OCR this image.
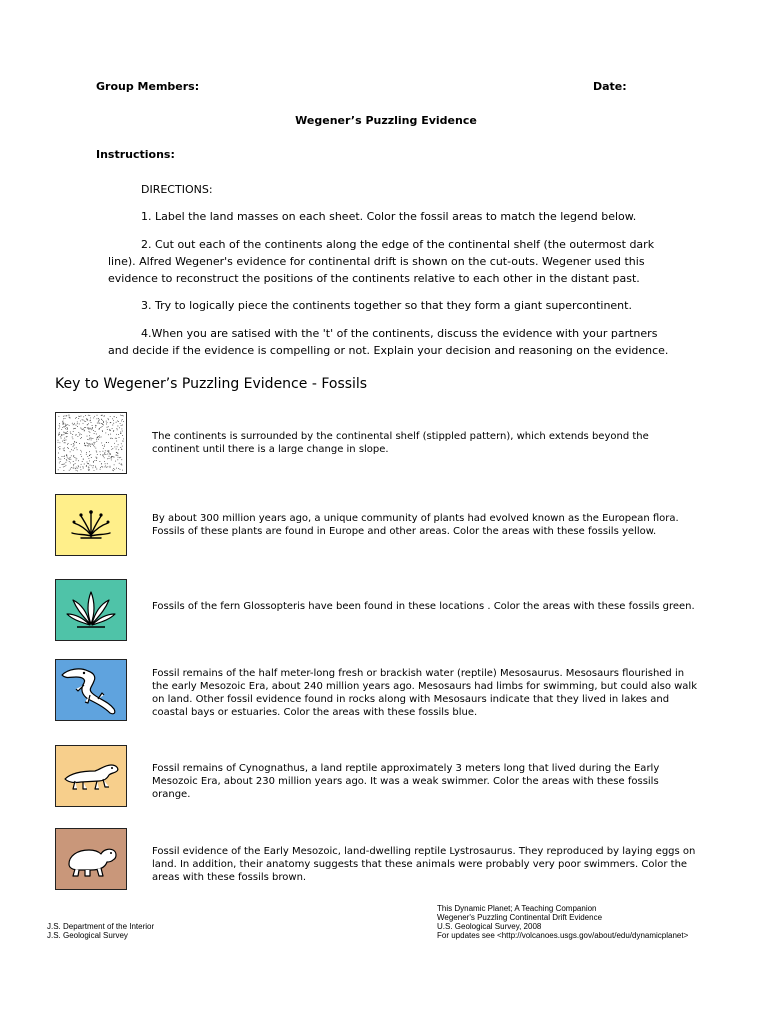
Group Members:	Date:
Wegener’s Puzzling Evidence
Instructions:
DIRECTIONS:
1. Label the land masses on each sheet. Color the fossil areas to match the legend below.
2. Cut out each of the continents along the edge of the continental shelf (the outermost dark
line). Alfred Wegener's evidence for continental drift is shown on the cut-outs. Wegener used this
evidence to reconstruct the positions of the continents relative to each other in the distant past.
3. Try to logically piece the continents together so that they form a giant supercontinent.
4.When you are satised with the 't' of the continents, discuss the evidence with your partners
and decide if the evidence is compelling or not. Explain your decision and reasoning on the evidence.
Key to Wegener’s Puzzling Evidence - Fossils
The continents is surrounded by the continental shelf (stippled pattern), which extends beyond the continent until there is a large change in slope.
By about 300 million years ago, a unique community of plants had evolved known as the European flora. Fossils of these plants are found in Europe and other areas. Color the areas with these fossils yellow.
Fossils of the fern Glossopteris have been found in these locations . Color the areas with these fossils green.
Fossil remains of the half meter-long fresh or brackish water (reptile) Mesosaurus. Mesosaurs flourished in the early Mesozoic Era, about 240 million years ago. Mesosaurs had limbs for swimming, but could also walk on land. Other fossil evidence found in rocks along with Mesosaurs indicate that they lived in lakes and coastal bays or estuaries. Color the areas with these fossils blue.
Fossil remains of Cynognathus, a land reptile approximately 3 meters long that lived during the Early Mesozoic Era, about 230 million years ago. It was a weak swimmer. Color the areas with these fossils orange.
Fossil evidence of the Early Mesozoic, land-dwelling reptile Lystrosaurus. They reproduced by laying eggs on land. In addition, their anatomy suggests that these animals were probably very poor swimmers. Color the areas with these fossils brown.
J.S. Department of the Interior
J.S. Geological Survey
This Dynamic Planet; A Teaching Companion
Wegener's Puzzling Continental Drift Evidence
U.S. Geological Survey, 2008
For updates see <http://volcanoes.usgs.gov/about/edu/dynamicplanet>
